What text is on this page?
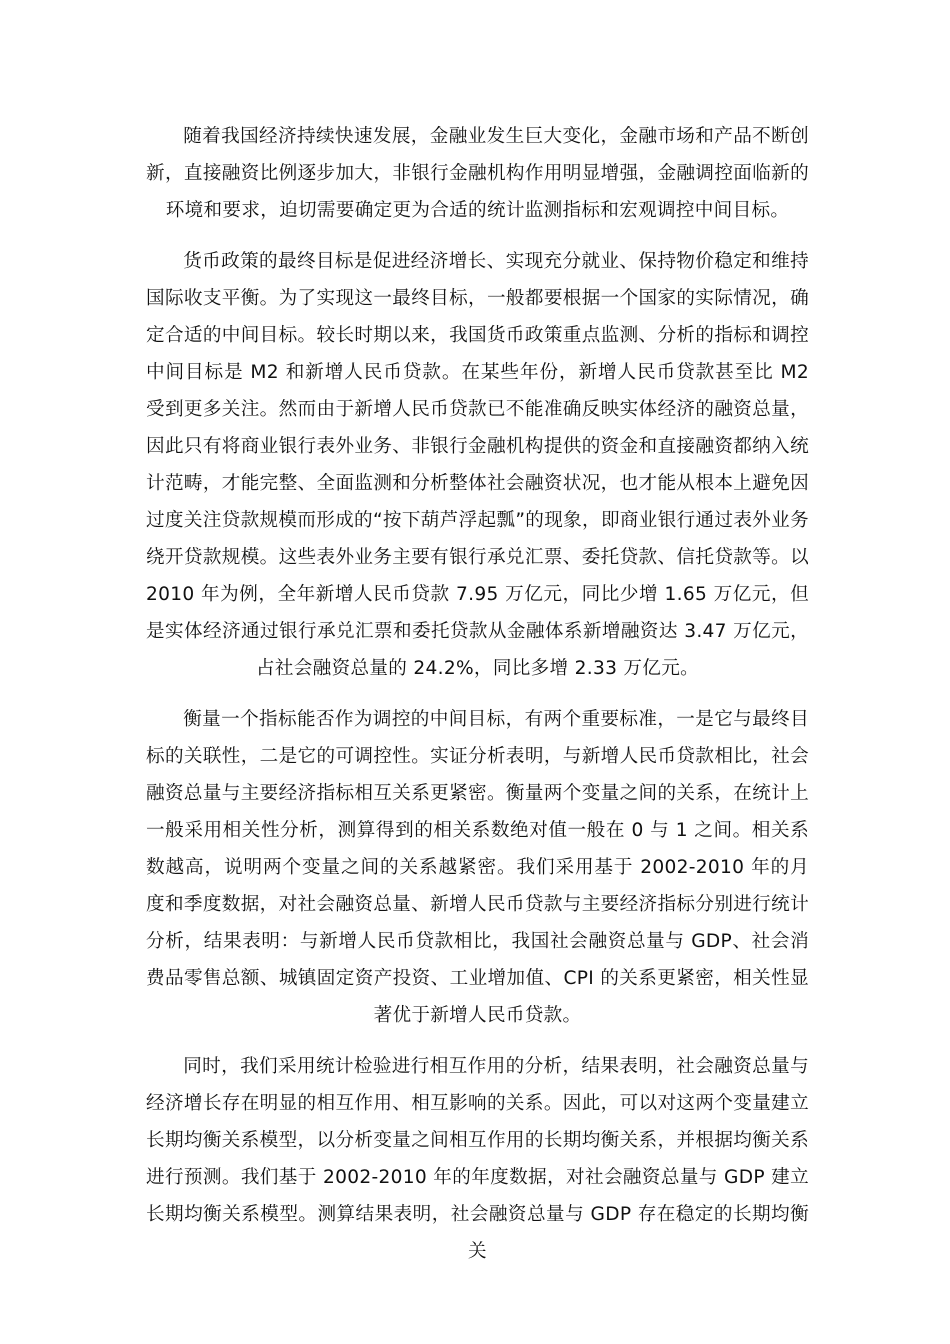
随着我国经济持续快速发展，金融业发生巨大变化，金融市场和产品不断创新，直接融资比例逐步加大，非银行金融机构作用明显增强，金融调控面临新的环境和要求，迫切需要确定更为合适的统计监测指标和宏观调控中间目标。

货币政策的最终目标是促进经济增长、实现充分就业、保持物价稳定和维持国际收支平衡。为了实现这一最终目标，一般都要根据一个国家的实际情况，确定合适的中间目标。较长时期以来，我国货币政策重点监测、分析的指标和调控中间目标是 M2 和新增人民币贷款。在某些年份，新增人民币贷款甚至比 M2 受到更多关注。然而由于新增人民币贷款已不能准确反映实体经济的融资总量，因此只有将商业银行表外业务、非银行金融机构提供的资金和直接融资都纳入统计范畴，才能完整、全面监测和分析整体社会融资状况，也才能从根本上避免因过度关注贷款规模而形成的“按下葫芦浮起瓢”的现象，即商业银行通过表外业务绕开贷款规模。这些表外业务主要有银行承兑汇票、委托贷款、信托贷款等。以 2010 年为例，全年新增人民币贷款 7.95 万亿元，同比少增 1.65 万亿元，但是实体经济通过银行承兑汇票和委托贷款从金融体系新增融资达 3.47 万亿元，占社会融资总量的 24.2%，同比多增 2.33 万亿元。

衡量一个指标能否作为调控的中间目标，有两个重要标准，一是它与最终目标的关联性，二是它的可调控性。实证分析表明，与新增人民币贷款相比，社会融资总量与主要经济指标相互关系更紧密。衡量两个变量之间的关系，在统计上一般采用相关性分析，测算得到的相关系数绝对值一般在 0 与 1 之间。相关系数越高，说明两个变量之间的关系越紧密。我们采用基于 2002-2010 年的月度和季度数据，对社会融资总量、新增人民币贷款与主要经济指标分别进行统计分析，结果表明：与新增人民币贷款相比，我国社会融资总量与 GDP、社会消费品零售总额、城镇固定资产投资、工业增加值、CPI 的关系更紧密，相关性显著优于新增人民币贷款。

同时，我们采用统计检验进行相互作用的分析，结果表明，社会融资总量与经济增长存在明显的相互作用、相互影响的关系。因此，可以对这两个变量建立长期均衡关系模型，以分析变量之间相互作用的长期均衡关系，并根据均衡关系进行预测。我们基于 2002-2010 年的年度数据，对社会融资总量与 GDP 建立长期均衡关系模型。测算结果表明，社会融资总量与 GDP 存在稳定的长期均衡关
